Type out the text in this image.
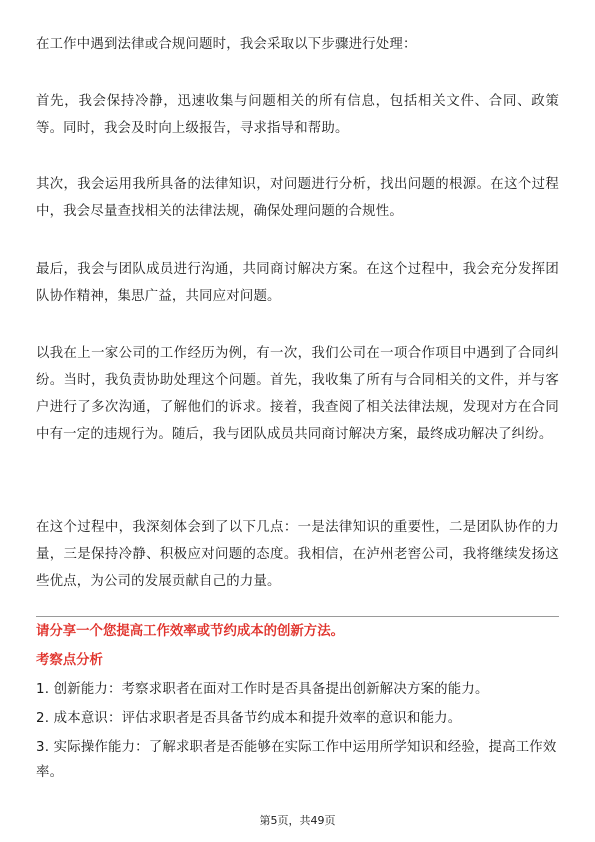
在工作中遇到法律或合规问题时，我会采取以下步骤进行处理：

首先，我会保持冷静，迅速收集与问题相关的所有信息，包括相关文件、合同、政策等。同时，我会及时向上级报告，寻求指导和帮助。

其次，我会运用我所具备的法律知识，对问题进行分析，找出问题的根源。在这个过程中，我会尽量查找相关的法律法规，确保处理问题的合规性。

最后，我会与团队成员进行沟通，共同商讨解决方案。在这个过程中，我会充分发挥团队协作精神，集思广益，共同应对问题。

以我在上一家公司的工作经历为例，有一次，我们公司在一项合作项目中遇到了合同纠纷。当时，我负责协助处理这个问题。首先，我收集了所有与合同相关的文件，并与客户进行了多次沟通，了解他们的诉求。接着，我查阅了相关法律法规，发现对方在合同中有一定的违规行为。随后，我与团队成员共同商讨解决方案，最终成功解决了纠纷。

在这个过程中，我深刻体会到了以下几点：一是法律知识的重要性，二是团队协作的力量，三是保持冷静、积极应对问题的态度。我相信，在泸州老窖公司，我将继续发扬这些优点，为公司的发展贡献自己的力量。

请分享一个您提高工作效率或节约成本的创新方法。

考察点分析

1. 创新能力：考察求职者在面对工作时是否具备提出创新解决方案的能力。
2. 成本意识：评估求职者是否具备节约成本和提升效率的意识和能力。
3. 实际操作能力：了解求职者是否能够在实际工作中运用所学知识和经验，提高工作效率。
第5页，共49页
